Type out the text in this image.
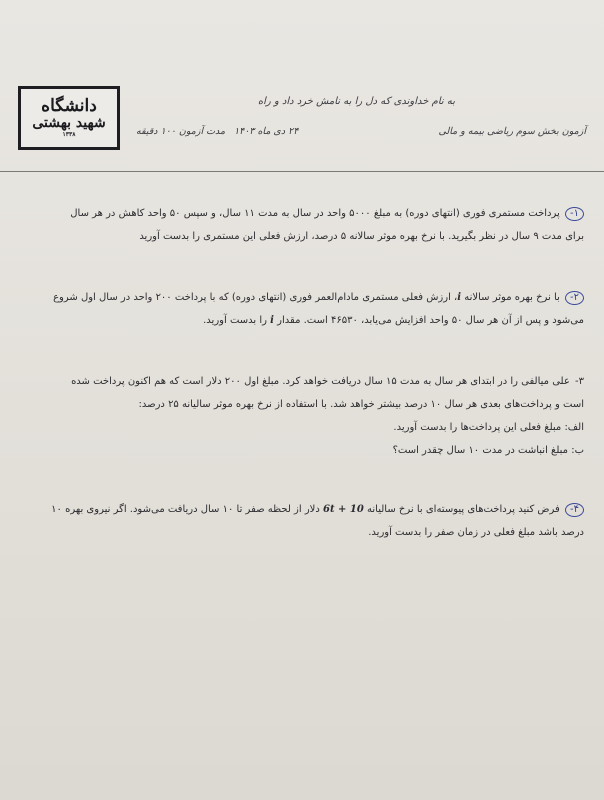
دانشگاه
شهید بهشتی
۱۳۳۸
به نام خداوندی که دل را به نامش خرد داد و راه
آزمون بخش سوم ریاضی بیمه و مالی
۲۴ دی ماه ۱۴۰۳
مدت آزمون ۱۰۰ دقیقه

۱- پرداخت مستمری فوری (انتهای دوره) به مبلغ ۵۰۰۰ واحد در سال به مدت ۱۱ سال، و سپس ۵۰ واحد کاهش در هر سال

برای مدت ۹ سال در نظر بگیرید. با نرخ بهره موثر سالانه ۵ درصد، ارزش فعلی این مستمری را بدست آورید

۲- با نرخ بهره موثر سالانه i، ارزش فعلی مستمری مادام‌العمر فوری (انتهای دوره) که با پرداخت ۲۰۰ واحد در سال اول شروع

می‌شود و پس از آن هر سال ۵۰ واحد افزایش می‌یابد، ۴۶۵۳۰ است. مقدار i را بدست آورید.

۳- علی میالفی را در ابتدای هر سال به مدت ۱۵ سال دریافت خواهد کرد. مبلغ اول ۲۰۰ دلار است که هم اکنون پرداخت شده

است و پرداخت‌های بعدی هر سال ۱۰ درصد بیشتر خواهد شد. با استفاده از نرخ بهره موثر سالیانه ۲۵ درصد:

الف: مبلغ فعلی این پرداخت‌ها را بدست آورید.

ب: مبلغ انباشت در مدت ۱۰ سال چقدر است؟

۴- فرض کنید پرداخت‌های پیوسته‌ای با نرخ سالیانه 6t + 10 دلار از لحظه صفر تا ۱۰ سال دریافت می‌شود. اگر نیروی بهره ۱۰

درصد باشد مبلغ فعلی در زمان صفر را بدست آورید.
